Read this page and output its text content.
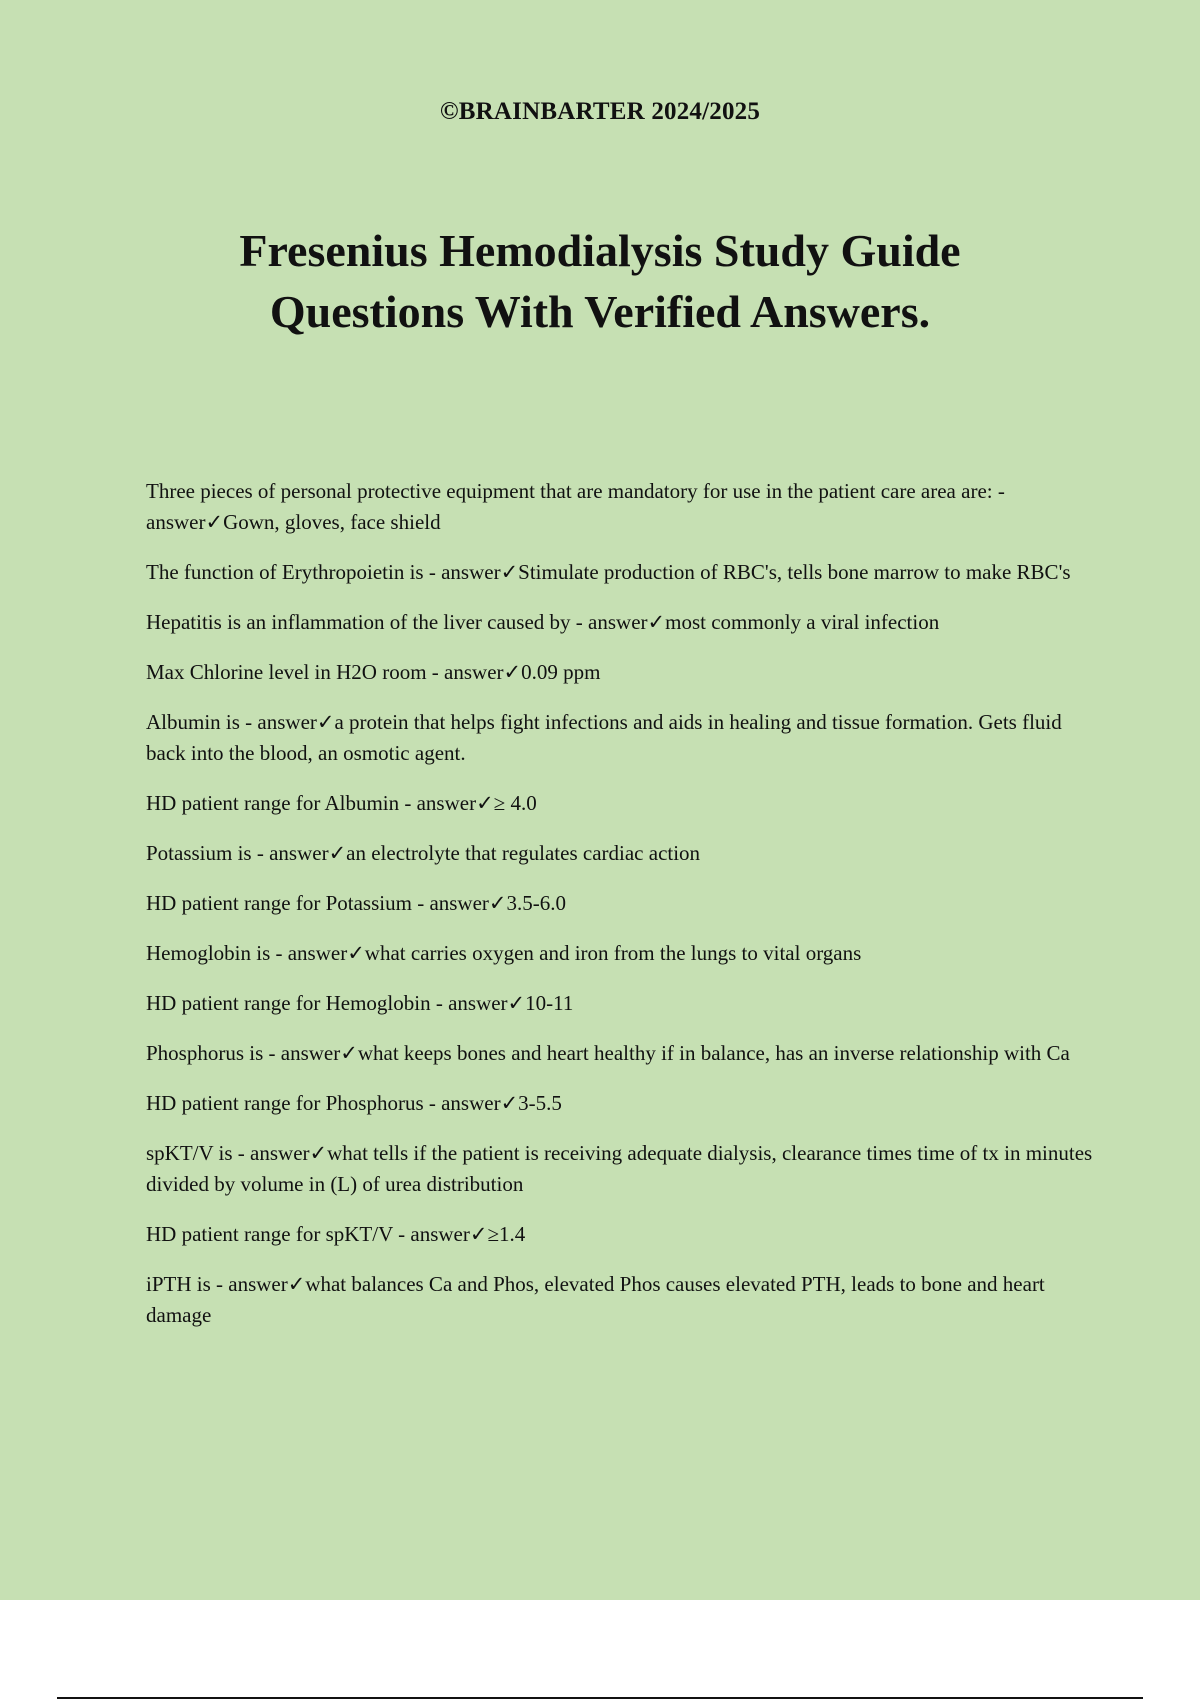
©BRAINBARTER 2024/2025
Fresenius Hemodialysis Study Guide
Questions With Verified Answers.
Three pieces of personal protective equipment that are mandatory for use in the patient care area are: - answer✓Gown, gloves, face shield
The function of Erythropoietin is - answer✓Stimulate production of RBC's, tells bone marrow to make RBC's
Hepatitis is an inflammation of the liver caused by - answer✓most commonly a viral infection
Max Chlorine level in H2O room - answer✓0.09 ppm
Albumin is - answer✓a protein that helps fight infections and aids in healing and tissue formation. Gets fluid back into the blood, an osmotic agent.
HD patient range for Albumin - answer✓≥ 4.0
Potassium is - answer✓an electrolyte that regulates cardiac action
HD patient range for Potassium - answer✓3.5-6.0
Hemoglobin is - answer✓what carries oxygen and iron from the lungs to vital organs
HD patient range for Hemoglobin - answer✓10-11
Phosphorus is - answer✓what keeps bones and heart healthy if in balance, has an inverse relationship with Ca
HD patient range for Phosphorus - answer✓3-5.5
spKT/V is - answer✓what tells if the patient is receiving adequate dialysis, clearance times time of tx in minutes divided by volume in (L) of urea distribution
HD patient range for spKT/V - answer✓≥1.4
iPTH is - answer✓what balances Ca and Phos, elevated Phos causes elevated PTH, leads to bone and heart damage
